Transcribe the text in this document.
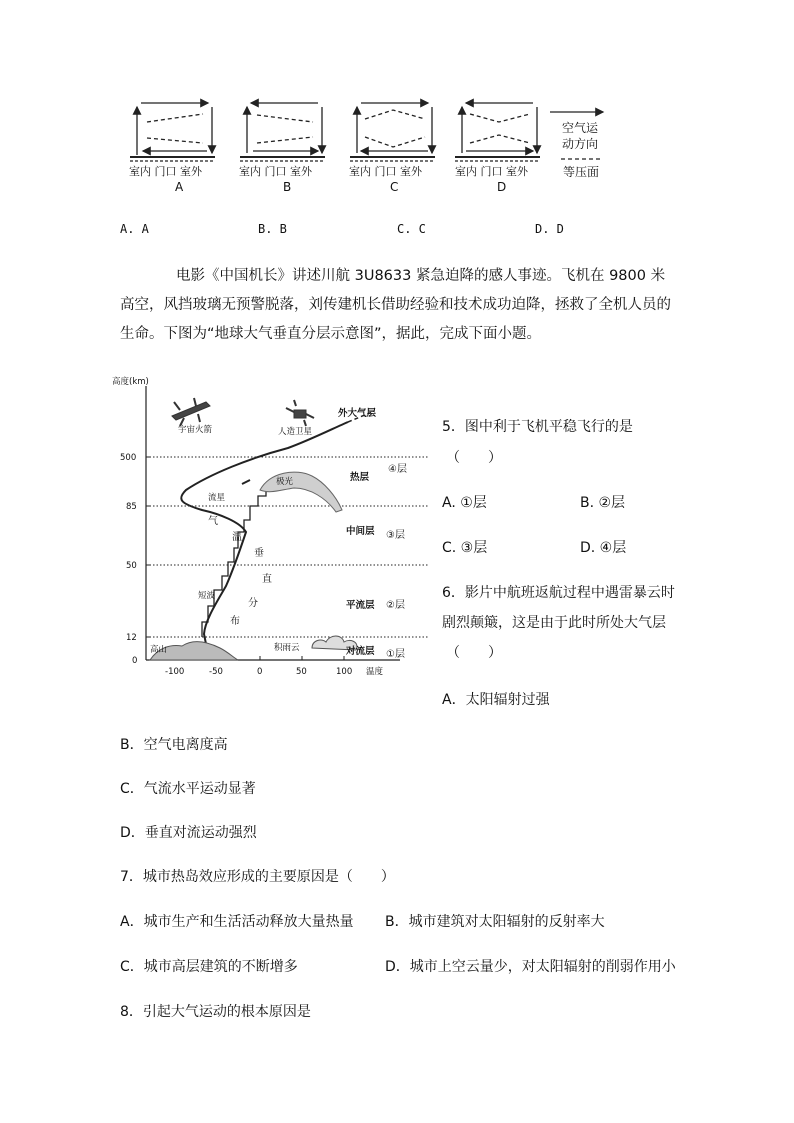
室内 门口 室外	室内 门口 室外	室内 门口 室外	室内 门口 室外
A	B	C	D
空气运
动方向
等压面
A. A	B. B	C. C	D. D
电影《中国机长》讲述川航 3U8633 紧急迫降的感人事迹。飞机在 9800 米高空，风挡玻璃无预警脱落，刘传建机长借助经验和技术成功迫降，拯救了全机人员的生命。下图为“地球大气垂直分层示意图”，据此，完成下面小题。
高度(km)
500
85
50
12
0
-100	-50	0	50	100 温度
宇宙火箭	人造卫星
流星
极光
短波
高山	积雨云
气
温
垂
直
分
布
外大气层
热层
中间层
平流层
对流层
④层
③层
②层
①层
5．图中利于飞机平稳飞行的是
（　　）
A. ①层	B. ②层
C. ③层	D. ④层
6．影片中航班返航过程中遇雷暴云时
剧烈颠簸，这是由于此时所处大气层
（　　）
A．太阳辐射过强
B．空气电离度高
C．气流水平运动显著
D．垂直对流运动强烈
7．城市热岛效应形成的主要原因是（　　）
A．城市生产和生活活动释放大量热量 B．城市建筑对太阳辐射的反射率大
C．城市高层建筑的不断增多	D．城市上空云量少，对太阳辐射的削弱作用小
8．引起大气运动的根本原因是
